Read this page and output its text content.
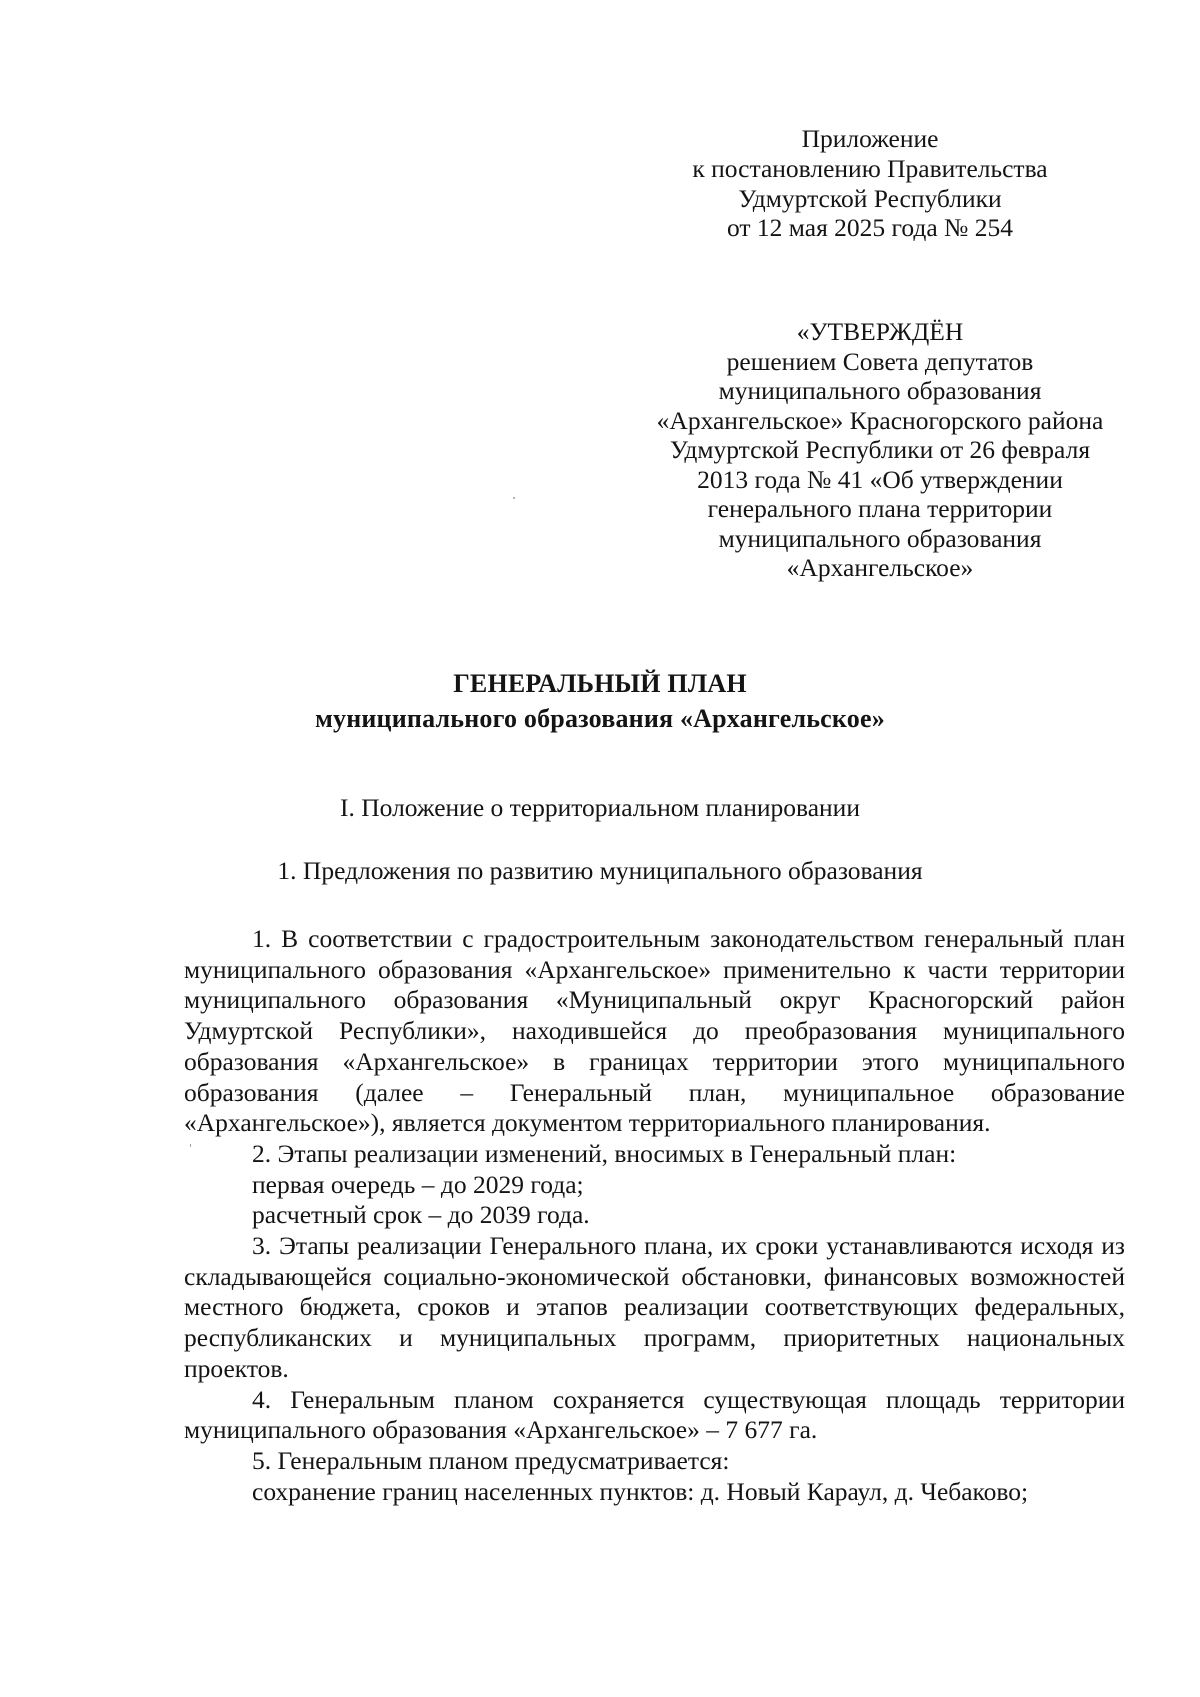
Приложение
к постановлению Правительства
Удмуртской Республики
от 12 мая 2025 года № 254
«УТВЕРЖДЁН
решением Совета депутатов
муниципального образования
«Архангельское» Красногорского района
Удмуртской Республики от 26 февраля
2013 года № 41 «Об утверждении
генерального плана территории
муниципального образования
«Архангельское»
ГЕНЕРАЛЬНЫЙ ПЛАН
муниципального образования «Архангельское»
I. Положение о территориальном планировании
1. Предложения по развитию муниципального образования

1. В соответствии с градостроительным законодательством генеральный план муниципального образования «Архангельское» применительно к части территории муниципального образования «Муниципальный округ Красногорский район Удмуртской Республики», находившейся до преобразования муниципального образования «Архангельское» в границах территории этого муниципального образования (далее – Генеральный план, муниципальное образование «Архангельское»), является документом территориального планирования.

2. Этапы реализации изменений, вносимых в Генеральный план:

первая очередь – до 2029 года;

расчетный срок – до 2039 года.

3. Этапы реализации Генерального плана, их сроки устанавливаются исходя из складывающейся социально-экономической обстановки, финансовых возможностей местного бюджета, сроков и этапов реализации соответствующих федеральных, республиканских и муниципальных программ, приоритетных национальных проектов.

4. Генеральным планом сохраняется существующая площадь территории муниципального образования «Архангельское» – 7 677 га.

5. Генеральным планом предусматривается:

сохранение границ населенных пунктов: д. Новый Караул, д. Чебаково;
